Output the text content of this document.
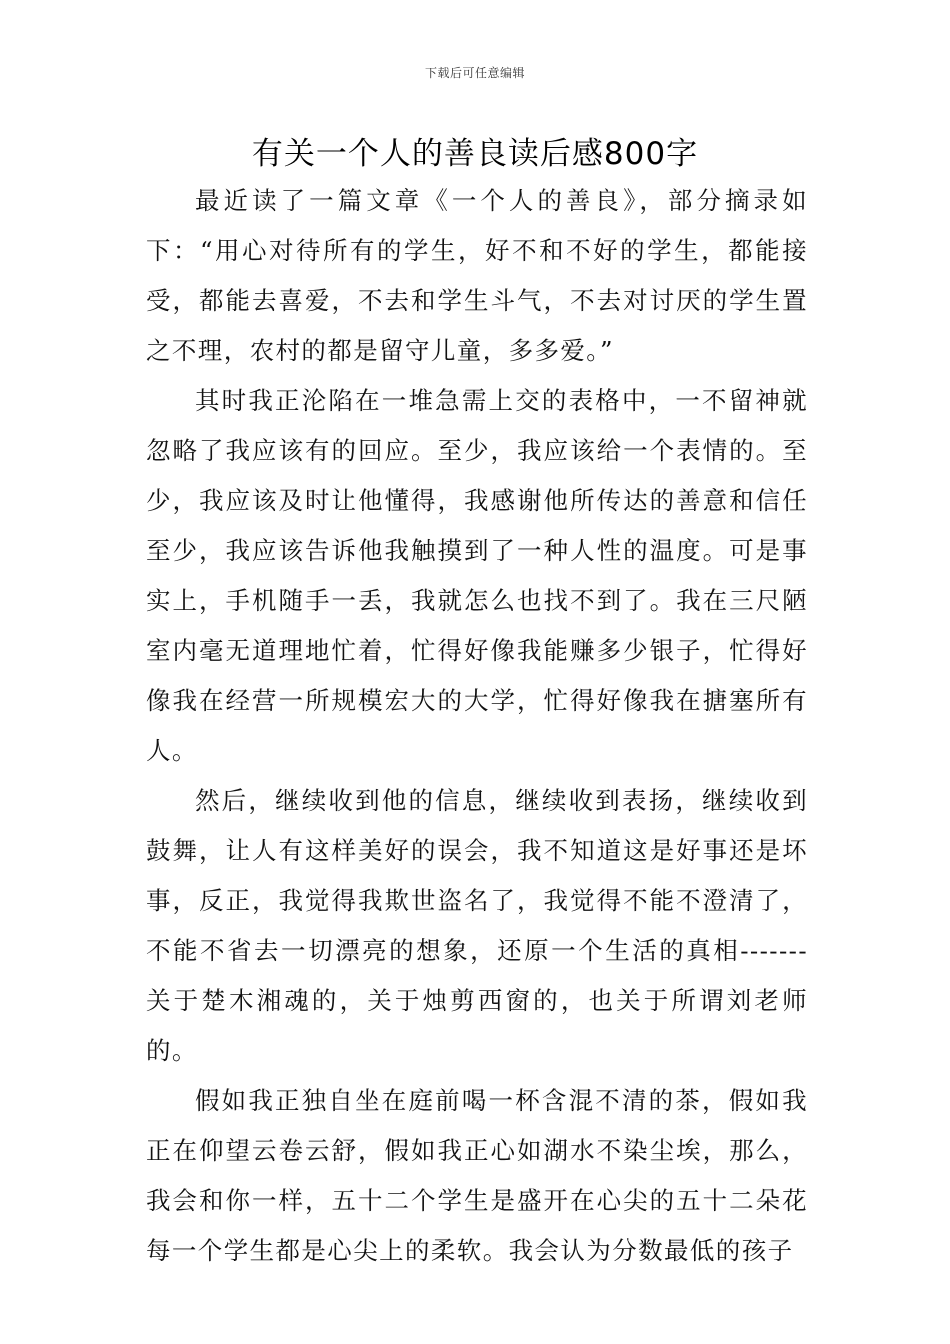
下载后可任意编辑
有关一个人的善良读后感800字

最近读了一篇文章《一个人的善良》，部分摘录如下：“用心对待所有的学生，好不和不好的学生，都能接受，都能去喜爱，不去和学生斗气，不去对讨厌的学生置之不理，农村的都是留守儿童，多多爱。”

其时我正沦陷在一堆急需上交的表格中，一不留神就忽略了我应该有的回应。至少，我应该给一个表情的。至少，我应该及时让他懂得，我感谢他所传达的善意和信任至少，我应该告诉他我触摸到了一种人性的温度。可是事实上，手机随手一丢，我就怎么也找不到了。我在三尺陋室内毫无道理地忙着，忙得好像我能赚多少银子，忙得好像我在经营一所规模宏大的大学，忙得好像我在搪塞所有人。

然后，继续收到他的信息，继续收到表扬，继续收到鼓舞，让人有这样美好的误会，我不知道这是好事还是坏事，反正，我觉得我欺世盗名了，我觉得不能不澄清了，不能不省去一切漂亮的想象，还原一个生活的真相-------关于楚木湘魂的，关于烛剪西窗的，也关于所谓刘老师的。

假如我正独自坐在庭前喝一杯含混不清的茶，假如我正在仰望云卷云舒，假如我正心如湖水不染尘埃，那么，我会和你一样，五十二个学生是盛开在心尖的五十二朵花每一个学生都是心尖上的柔软。我会认为分数最低的孩子
